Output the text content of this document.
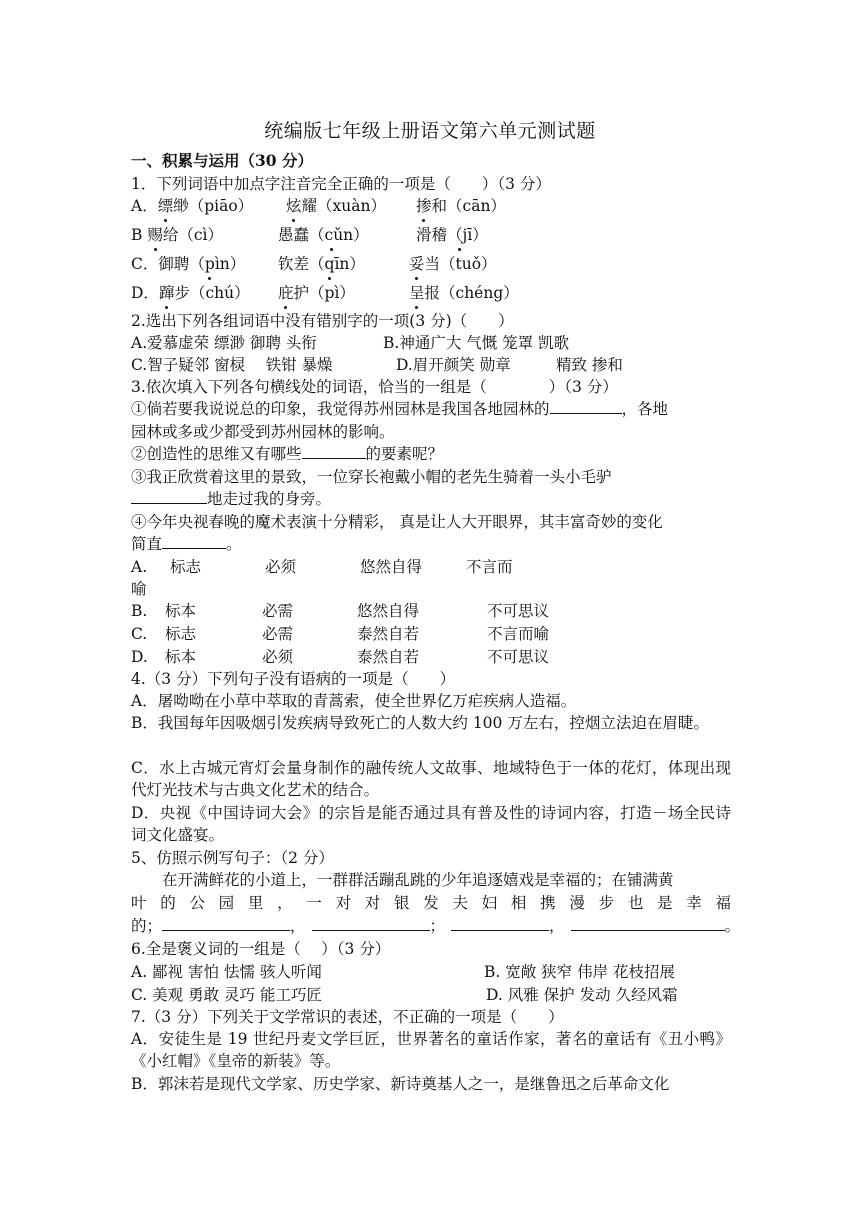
统编版七年级上册语文第六单元测试题
一、积累与运用（30 分）
1．下列词语中加点字注音完全正确的一项是（　　）（3 分）
A．缥缈（piāo） 炫耀（xuàn） 掺和（cān）
B 赐给（cì）	愚蠢（cǔn）	滑稽（jī）
C．御聘（pìn） 钦差（qīn）	妥当（tuǒ）
D．蹿步（chú） 庇护（pì）	呈报（chéng）
2.选出下列各组词语中没有错别字的一项(3 分)（　　）
A.爱慕虚荣 缥渺 御聘 头衔	B.神通广大 气慨 笼罩 凯歌
C.智子疑邻 窗棂　 铁钳 暴燥	D.眉开颜笑 勋章	精致 掺和
3.依次填入下列各句横线处的词语，恰当的一组是（　　　　）（3 分）
①倘若要我说说总的印象，我觉得苏州园林是我国各地园林的	，各地
园林或多或少都受到苏州园林的影响。
②创造性的思维又有哪些	的要素呢？
③我正欣赏着这里的景致，一位穿长袍戴小帽的老先生骑着一头小毛驴
地走过我的身旁。
④今年央视春晚的魔术表演十分精彩， 真是让人大开眼界，其丰富奇妙的变化
简直	。
A. 标志	必须	悠然自得	不言而
喻
B. 标本	必需	悠然自得	不可思议
C. 标志	必需	泰然自若	不言而喻
D. 标本	必须	泰然自若	不可思议
4.（3 分）下列句子没有语病的一项是（　　）
A．屠呦呦在小草中萃取的青蒿索，使全世界亿万疟疾病人造福。
B．我国每年因吸烟引发疾病导致死亡的人数大约 100 万左右，控烟立法迫在眉睫。
C．水上古城元宵灯会量身制作的融传统人文故事、地域特色于一体的花灯，体现出现代灯光技术与古典文化艺术的结合。
D．央视《中国诗词大会》的宗旨是能否通过具有普及性的诗词内容，打造－场全民诗词文化盛宴。
5、仿照示例写句子：（2 分）
在开满鲜花的小道上，一群群活蹦乱跳的少年追逐嬉戏是幸福的；在铺满黄
叶的公园里，一对对银发夫妇相携漫步也是幸福
的；	，	；	，	。
6.全是褒义词的一组是（　 ）（3 分）
A. 鄙视 害怕 怯懦 骇人听闻	B. 宽敞 狭窄 伟岸 花枝招展
C. 美观 勇敢 灵巧 能工巧匠	D. 风雅 保护 发动 久经风霜
7.（3 分）下列关于文学常识的表述，不正确的一项是（　　）
A．安徒生是 19 世纪丹麦文学巨匠，世界著名的童话作家，著名的童话有《丑小鸭》《小红帽》《皇帝的新装》等。
B．郭沫若是现代文学家、历史学家、新诗奠基人之一，是继鲁迅之后革命文化
